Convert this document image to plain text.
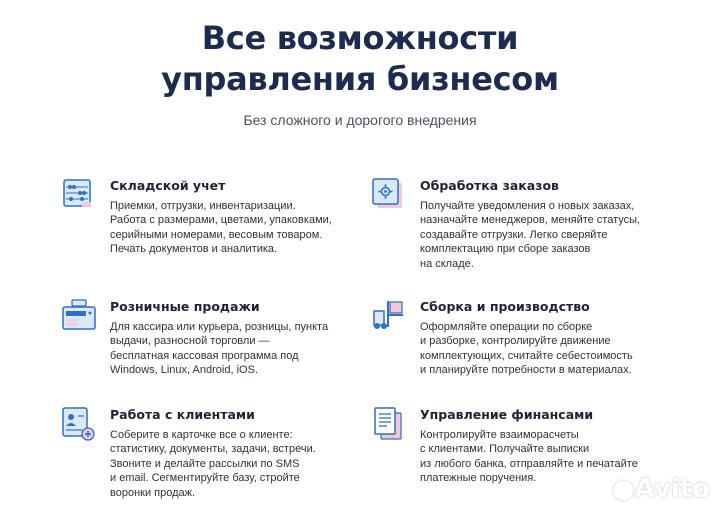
Все возможности
управления бизнесом
Без сложного и дорогого внедрения
Складской учет
Приемки, отгрузки, инвентаризации.
Работа с размерами, цветами, упаковками,
серийными номерами, весовым товаром.
Печать документов и аналитика.
Обработка заказов
Получайте уведомления о новых заказах,
назначайте менеджеров, меняйте статусы,
создавайте отгрузки. Легко сверяйте
комплектацию при сборе заказов
на складе.
Розничные продажи
Для кассира или курьера, розницы, пункта
выдачи, разносной торговли —
бесплатная кассовая программа под
Windows, Linux, Android, iOS.
Сборка и производство
Оформляйте операции по сборке
и разборке, контролируйте движение
комплектующих, считайте себестоимость
и планируйте потребности в материалах.
Работа с клиентами
Соберите в карточке все о клиенте:
статистику, документы, задачи, встречи.
Звоните и делайте рассылки по SMS
и email. Сегментируйте базу, стройте
воронки продаж.
Управление финансами
Контролируйте взаиморасчеты
с клиентами. Получайте выписки
из любого банка, отправляйте и печатайте
платежные поручения.	●Avito
